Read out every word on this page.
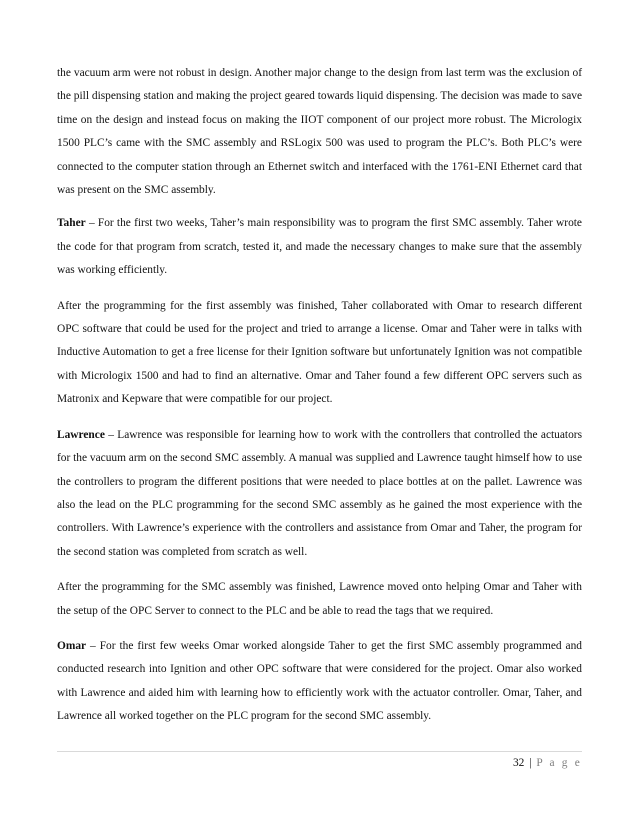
the vacuum arm were not robust in design. Another major change to the design from last term was the exclusion of the pill dispensing station and making the project geared towards liquid dispensing. The decision was made to save time on the design and instead focus on making the IIOT component of our project more robust. The Micrologix 1500 PLC’s came with the SMC assembly and RSLogix 500 was used to program the PLC’s. Both PLC’s were connected to the computer station through an Ethernet switch and interfaced with the 1761-ENI Ethernet card that was present on the SMC assembly.

Taher – For the first two weeks, Taher’s main responsibility was to program the first SMC assembly. Taher wrote the code for that program from scratch, tested it, and made the necessary changes to make sure that the assembly was working efficiently.

After the programming for the first assembly was finished, Taher collaborated with Omar to research different OPC software that could be used for the project and tried to arrange a license. Omar and Taher were in talks with Inductive Automation to get a free license for their Ignition software but unfortunately Ignition was not compatible with Micrologix 1500 and had to find an alternative. Omar and Taher found a few different OPC servers such as Matronix and Kepware that were compatible for our project.

Lawrence – Lawrence was responsible for learning how to work with the controllers that controlled the actuators for the vacuum arm on the second SMC assembly. A manual was supplied and Lawrence taught himself how to use the controllers to program the different positions that were needed to place bottles at on the pallet. Lawrence was also the lead on the PLC programming for the second SMC assembly as he gained the most experience with the controllers. With Lawrence’s experience with the controllers and assistance from Omar and Taher, the program for the second station was completed from scratch as well.

After the programming for the SMC assembly was finished, Lawrence moved onto helping Omar and Taher with the setup of the OPC Server to connect to the PLC and be able to read the tags that we required.

Omar – For the first few weeks Omar worked alongside Taher to get the first SMC assembly programmed and conducted research into Ignition and other OPC software that were considered for the project. Omar also worked with Lawrence and aided him with learning how to efficiently work with the actuator controller. Omar, Taher, and Lawrence all worked together on the PLC program for the second SMC assembly.

32 | P a g e
